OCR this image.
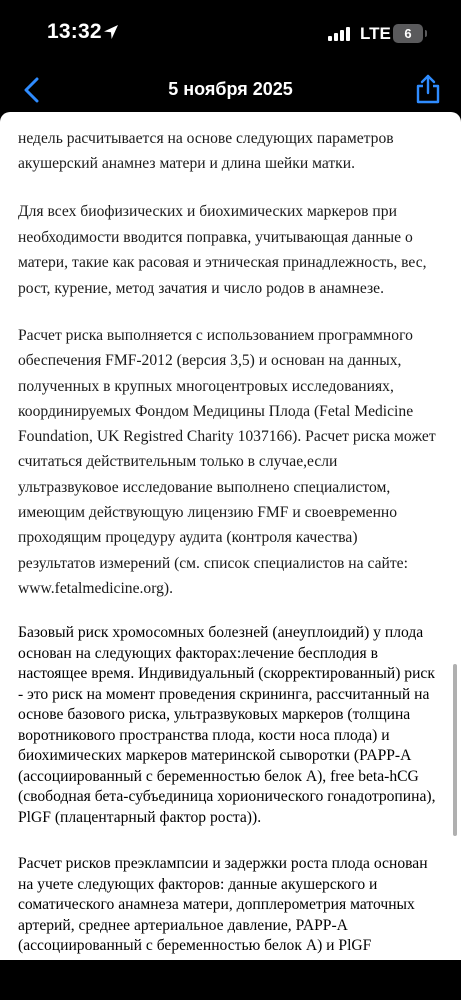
13:32	LTE	6
5 ноября 2025

недель расчитывается на основе следующих параметров акушерский анамнез матери и длина шейки матки.

Для всех биофизических и биохимических маркеров при необходимости вводится поправка, учитывающая данные о матери, такие как расовая и этническая принадлежность, вес, рост, курение, метод зачатия и число родов в анамнезе.

Расчет риска выполняется с использованием программного обеспечения FMF-2012 (версия 3,5) и основан на данных, полученных в крупных многоцентровых исследованиях, координируемых Фондом Медицины Плода (Fetal Medicine Foundation, UK Registred Charity 1037166). Расчет риска может считаться действительным только в случае,если ультразвуковое исследование выполнено специалистом, имеющим действующую лицензию FMF и своевременно проходящим процедуру аудита (контроля качества) результатов измерений (см. список специалистов на сайте: www.fetalmedicine.org).

Базовый риск хромосомных болезней (анеуплоидий) у плода основан на следующих факторах:лечение бесплодия в настоящее время. Индивидуальный (скорректированный) риск - это риск на момент проведения скрининга, рассчитанный на основе базового риска, ультразвуковых маркеров (толщина воротникового пространства плода, кости носа плода) и биохимических маркеров материнской сыворотки (PAPP-A (ассоциированный с беременностью белок A), free beta-hCG (свободная бета-субъединица хорионического гонадотропина), PlGF (плацентарный фактор роста)).

Расчет рисков преэклампсии и задержки роста плода основан на учете следующих факторов: данные акушерского и соматического анамнеза матери, допплерометрия маточных артерий, среднее артериальное давление, PAPP-A (ассоциированный с беременностью белок A) и PlGF
